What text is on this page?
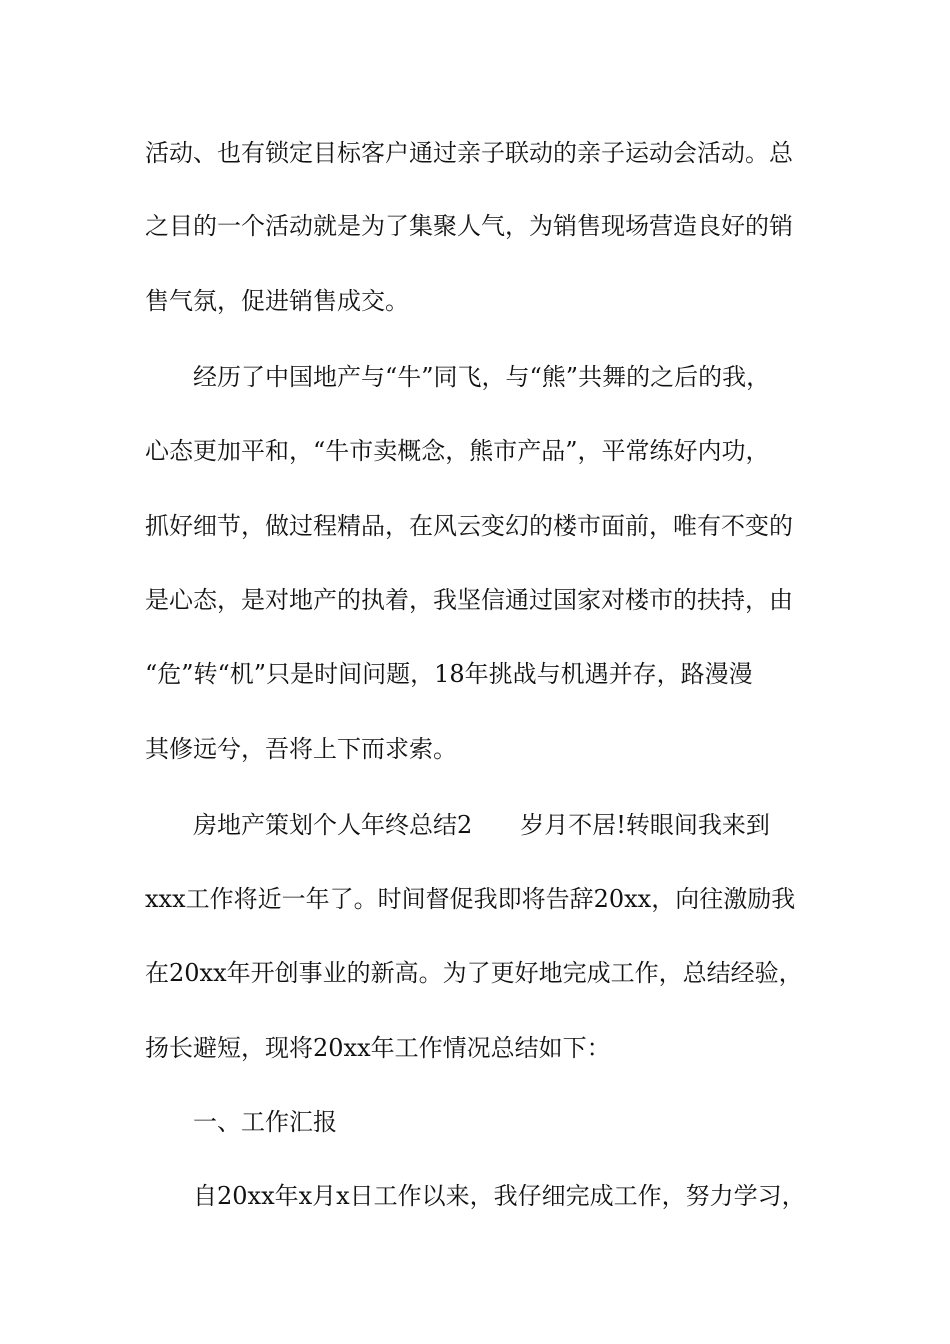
活动、也有锁定目标客户通过亲子联动的亲子运动会活动。总
之目的一个活动就是为了集聚人气，为销售现场营造良好的销
售气氛，促进销售成交。
经历了中国地产与“牛”同飞，与“熊”共舞的之后的我，
心态更加平和，“牛市卖概念，熊市产品”，平常练好内功，
抓好细节，做过程精品，在风云变幻的楼市面前，唯有不变的
是心态，是对地产的执着，我坚信通过国家对楼市的扶持，由
“危”转“机”只是时间问题，18年挑战与机遇并存，路漫漫
其修远兮，吾将上下而求索。
房地产策划个人年终总结2　　岁月不居!转眼间我来到
xxx工作将近一年了。时间督促我即将告辞20xx，向往激励我
在20xx年开创事业的新高。为了更好地完成工作，总结经验，
扬长避短，现将20xx年工作情况总结如下：
一、工作汇报
自20xx年x月x日工作以来，我仔细完成工作，努力学习，
